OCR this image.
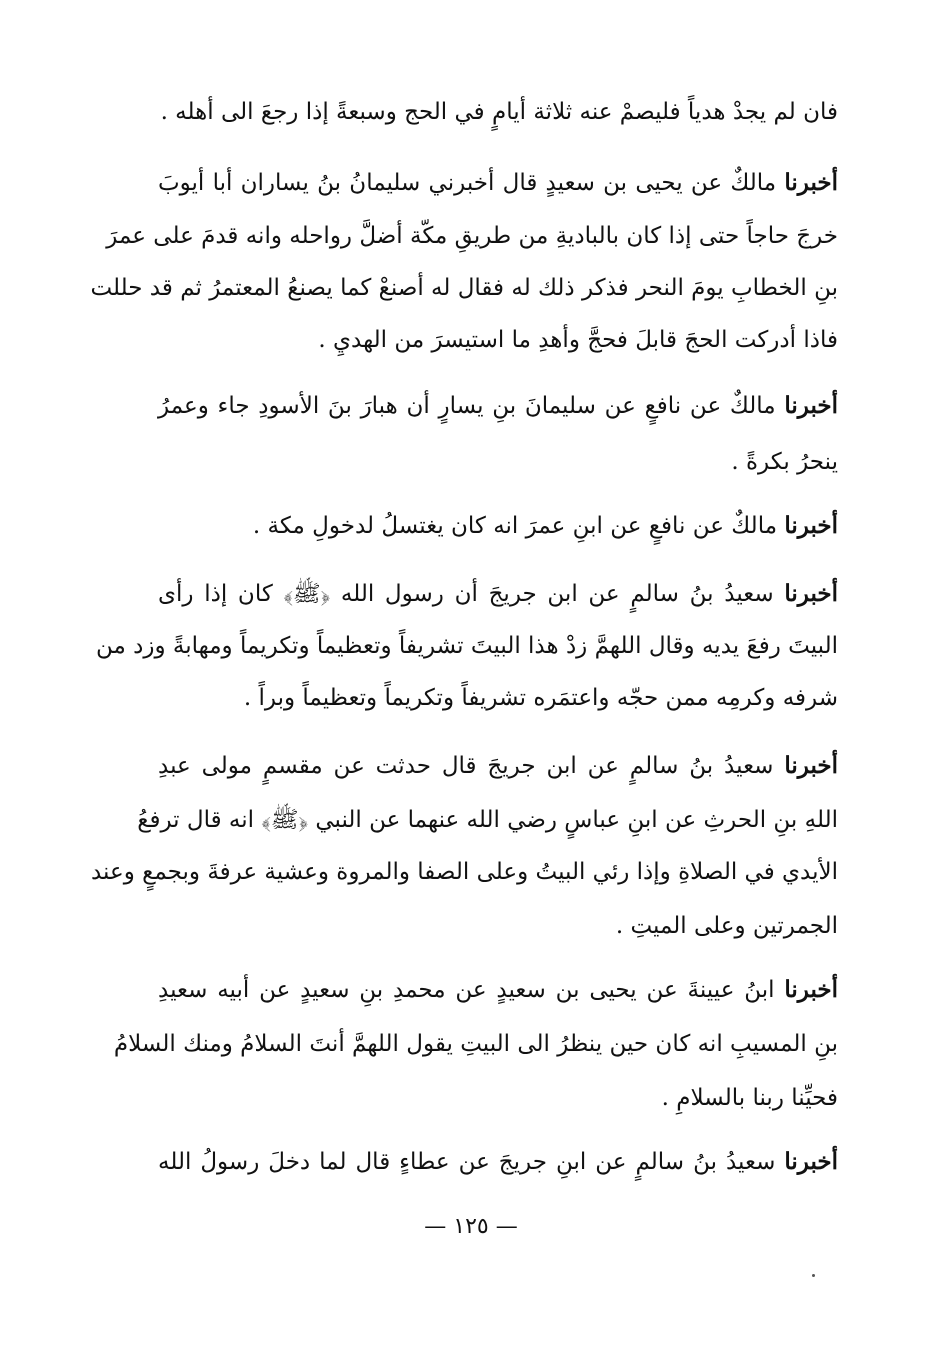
فان لم يجدْ هدياً فليصمْ عنه ثلاثة أيامٍ في الحج وسبعةً إذا رجعَ الى أهله .
أخبرنا مالكٌ عن يحيى بن سعيدٍ قال أخبرني سليمانُ بنُ يساران أبا أيوبَ
خرجَ حاجاً حتى إذا كان بالباديةِ من طريقِ مكّة أضلَّ رواحله وانه قدمَ على عمرَ
بنِ الخطابِ يومَ النحر فذكر ذلك له فقال له أصنعْ كما يصنعُ المعتمرُ ثم قد حللت
فاذا أدركت الحجَ قابلَ فحجَّ وأهدِ ما استيسرَ من الهديِ .
أخبرنا مالكٌ عن نافعٍ عن سليمانَ بنِ يسارٍ أن هبارَ بنَ الأسودِ جاء وعمرُ
ينحرُ بكرةً .
أخبرنا مالكٌ عن نافعٍ عن ابنِ عمرَ انه كان يغتسلُ لدخولِ مكة .
أخبرنا سعيدُ بنُ سالمٍ عن ابن جريجَ أن رسول الله ﴿ﷺ﴾ كان إذا رأى
البيتَ رفعَ يديه وقال اللهمَّ زدْ هذا البيتَ تشريفاً وتعظيماً وتكريماً ومهابةً وزد من
شرفه وكرمِه ممن حجّه واعتمَره تشريفاً وتكريماً وتعظيماً وبراً .
أخبرنا سعيدُ بنُ سالمٍ عن ابن جريجَ قال حدثت عن مقسمٍ مولى عبدِ
اللهِ بنِ الحرثِ عن ابنِ عباسٍ رضي الله عنهما عن النبي ﴿ﷺ﴾ انه قال ترفعُ
الأيدي في الصلاةِ وإذا رئي البيتُ وعلى الصفا والمروة وعشية عرفةَ وبجمعٍ وعند
الجمرتين وعلى الميتِ .
أخبرنا ابنُ عيينةَ عن يحيى بن سعيدٍ عن محمدِ بنِ سعيدٍ عن أبيه سعيدِ
بنِ المسيبِ انه كان حين ينظرُ الى البيتِ يقول اللهمَّ أنتَ السلامُ ومنك السلامُ
فحيِّنا ربنا بالسلامِ .
أخبرنا سعيدُ بنُ سالمٍ عن ابنِ جريجَ عن عطاءٍ قال لما دخلَ رسولُ الله
— ١٢٥ —
